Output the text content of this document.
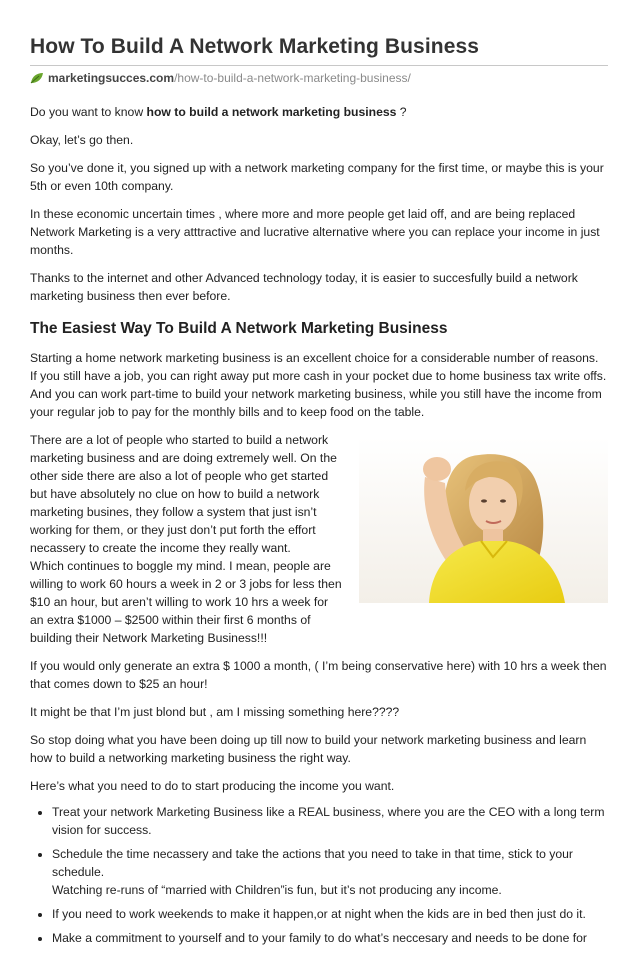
How To Build A Network Marketing Business
marketingsucces.com /how-to-build-a-network-marketing-business/

Do you want to know how to build a network marketing business ?

Okay, let’s go then.

So you’ve done it, you signed up with a network marketing company for the first time, or maybe this is your 5th or even 10th company.

In these economic uncertain times , where more and more people get laid off, and are being replaced Network Marketing is a very atttractive and lucrative alternative where you can replace your income in just months.

Thanks to the internet and other Advanced technology today, it is easier to succesfully build a network marketing business then ever before.

The Easiest Way To Build A Network Marketing Business

Starting a home network marketing business is an excellent choice for a considerable number of reasons. If you still have a job, you can right away put more cash in your pocket due to home business tax write offs. And you can work part-time to build your network marketing business, while you still have the income from your regular job to pay for the monthly bills and to keep food on the table.

There are a lot of people who started to build a network marketing business and are doing extremely well. On the other side there are also a lot of people who get started but have absolutely no clue on how to build a network marketing busines, they follow a system that just isn’t working for them, or they just don’t put forth the effort necassery to create the income they really want.

Which continues to boggle my mind. I mean, people are willing to work 60 hours a week in 2 or 3 jobs for less then $10 an hour, but aren’t willing to work 10 hrs a week for an extra $1000 – $2500 within their first 6 months of building their Network Marketing Business!!!

If you would only generate an extra $ 1000 a month, ( I’m being conservative here) with 10 hrs a week then that comes down to $25 an hour!

It might be that I’m just blond but , am I missing something here????

So stop doing what you have been doing up till now to build your network marketing business and learn how to build a networking marketing business the right way.

Here’s what you need to do to start producing the income you want.

• Treat your network Marketing Business like a REAL business, where you are the CEO with a long term vision for success.
• Schedule the time necassery and take the actions that you need to take in that time, stick to your schedule.
Watching re-runs of “married with Children”is fun, but it’s not producing any income.
• If you need to work weekends to make it happen,or at night when the kids are in bed then just do it.
• Make a commitment to yourself and to your family to do what’s neccesary and needs to be done for
